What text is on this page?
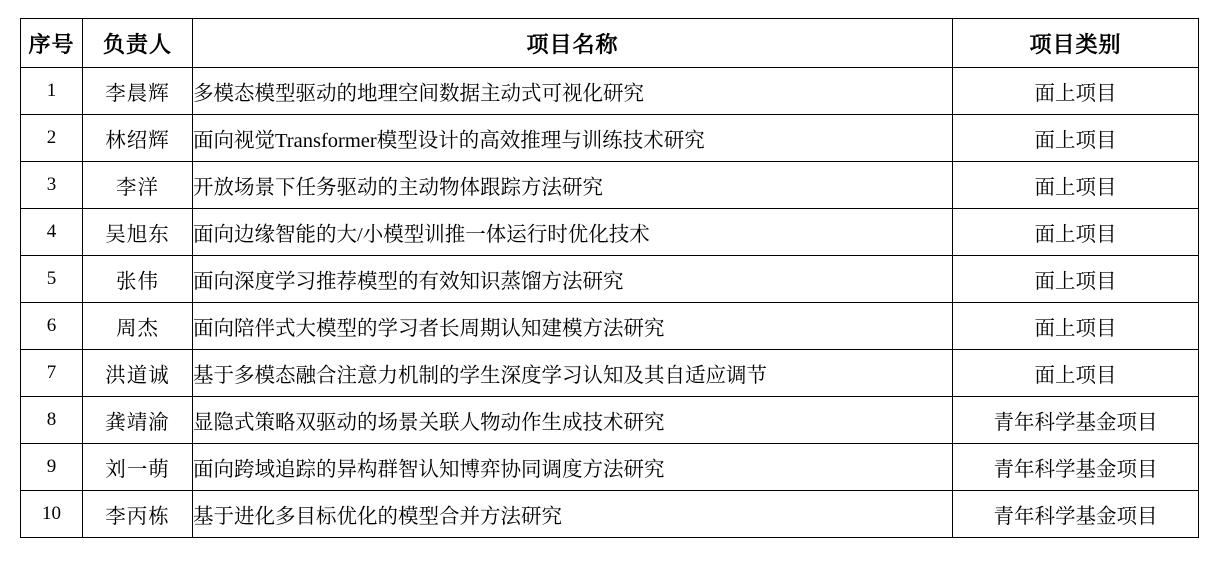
序号	负责人	项目名称	项目类别
1	李晨辉	多模态模型驱动的地理空间数据主动式可视化研究	面上项目
2	林绍辉	面向视觉Transformer模型设计的高效推理与训练技术研究	面上项目
3	李洋	开放场景下任务驱动的主动物体跟踪方法研究	面上项目
4	吴旭东	面向边缘智能的大/小模型训推一体运行时优化技术	面上项目
5	张伟	面向深度学习推荐模型的有效知识蒸馏方法研究	面上项目
6	周杰	面向陪伴式大模型的学习者长周期认知建模方法研究	面上项目
7	洪道诚	基于多模态融合注意力机制的学生深度学习认知及其自适应调节	面上项目
8	龚靖渝	显隐式策略双驱动的场景关联人物动作生成技术研究	青年科学基金项目
9	刘一萌	面向跨域追踪的异构群智认知博弈协同调度方法研究	青年科学基金项目
10	李丙栋	基于进化多目标优化的模型合并方法研究	青年科学基金项目
